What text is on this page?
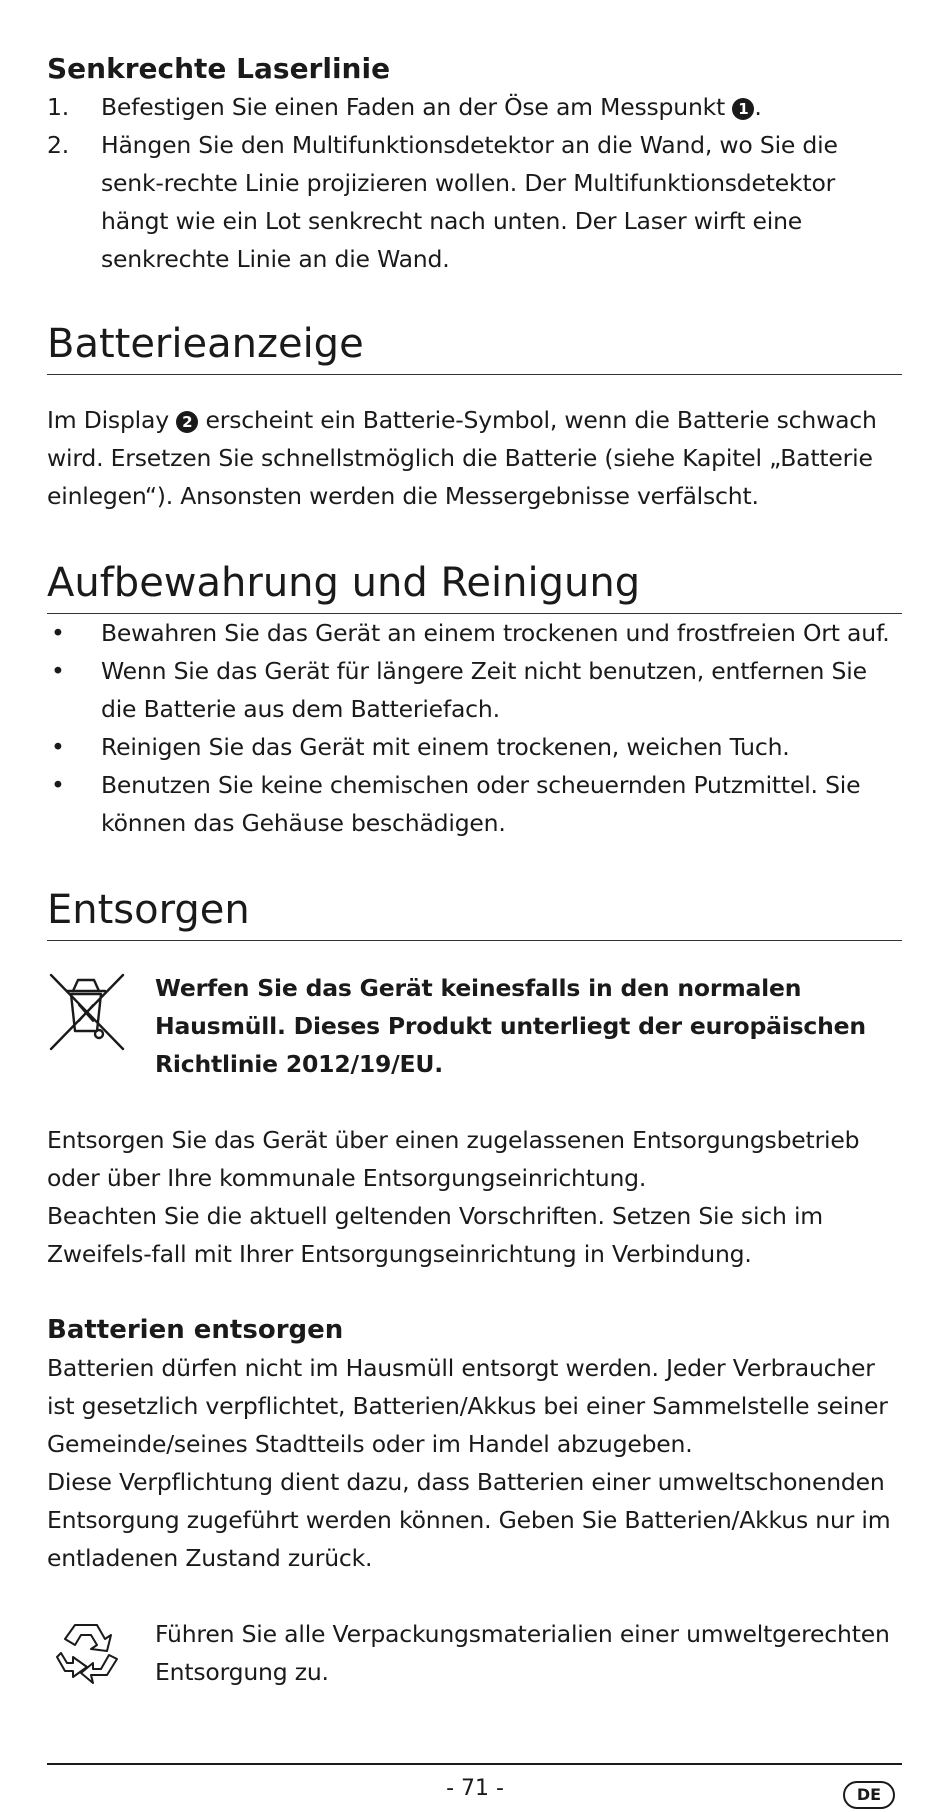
Senkrechte Laserlinie
1. Befestigen Sie einen Faden an der Öse am Messpunkt 1 .
2. Hängen Sie den Multifunktionsdetektor an die Wand, wo Sie die senk-rechte Linie projizieren wollen. Der Multifunktionsdetektor hängt wie ein Lot senkrecht nach unten. Der Laser wirft eine senkrechte Linie an die Wand.
Batterieanzeige

Im Display 2 erscheint ein Batterie-Symbol, wenn die Batterie schwach wird. Ersetzen Sie schnellstmöglich die Batterie (siehe Kapitel „Batterie einlegen“). Ansonsten werden die Messergebnisse verfälscht.

Aufbewahrung und Reinigung
• Bewahren Sie das Gerät an einem trockenen und frostfreien Ort auf.
• Wenn Sie das Gerät für längere Zeit nicht benutzen, entfernen Sie die Batterie aus dem Batteriefach.
• Reinigen Sie das Gerät mit einem trockenen, weichen Tuch.
• Benutzen Sie keine chemischen oder scheuernden Putzmittel. Sie können das Gehäuse beschädigen.
Entsorgen
Werfen Sie das Gerät keinesfalls in den normalen Hausmüll. Dieses Produkt unterliegt der europäischen Richtlinie 2012/19/EU.
Entsorgen Sie das Gerät über einen zugelassenen Entsorgungsbetrieb oder über Ihre kommunale Entsorgungseinrichtung.
Beachten Sie die aktuell geltenden Vorschriften. Setzen Sie sich im Zweifels-fall mit Ihrer Entsorgungseinrichtung in Verbindung.
Batterien entsorgen
Batterien dürfen nicht im Hausmüll entsorgt werden. Jeder Verbraucher ist gesetzlich verpflichtet, Batterien/Akkus bei einer Sammelstelle seiner Gemeinde/seines Stadtteils oder im Handel abzugeben.
Diese Verpflichtung dient dazu, dass Batterien einer umweltschonenden Entsorgung zugeführt werden können. Geben Sie Batterien/Akkus nur im entladenen Zustand zurück.
Führen Sie alle Verpackungsmaterialien einer umweltgerechten Entsorgung zu.
- 71 -	DE
